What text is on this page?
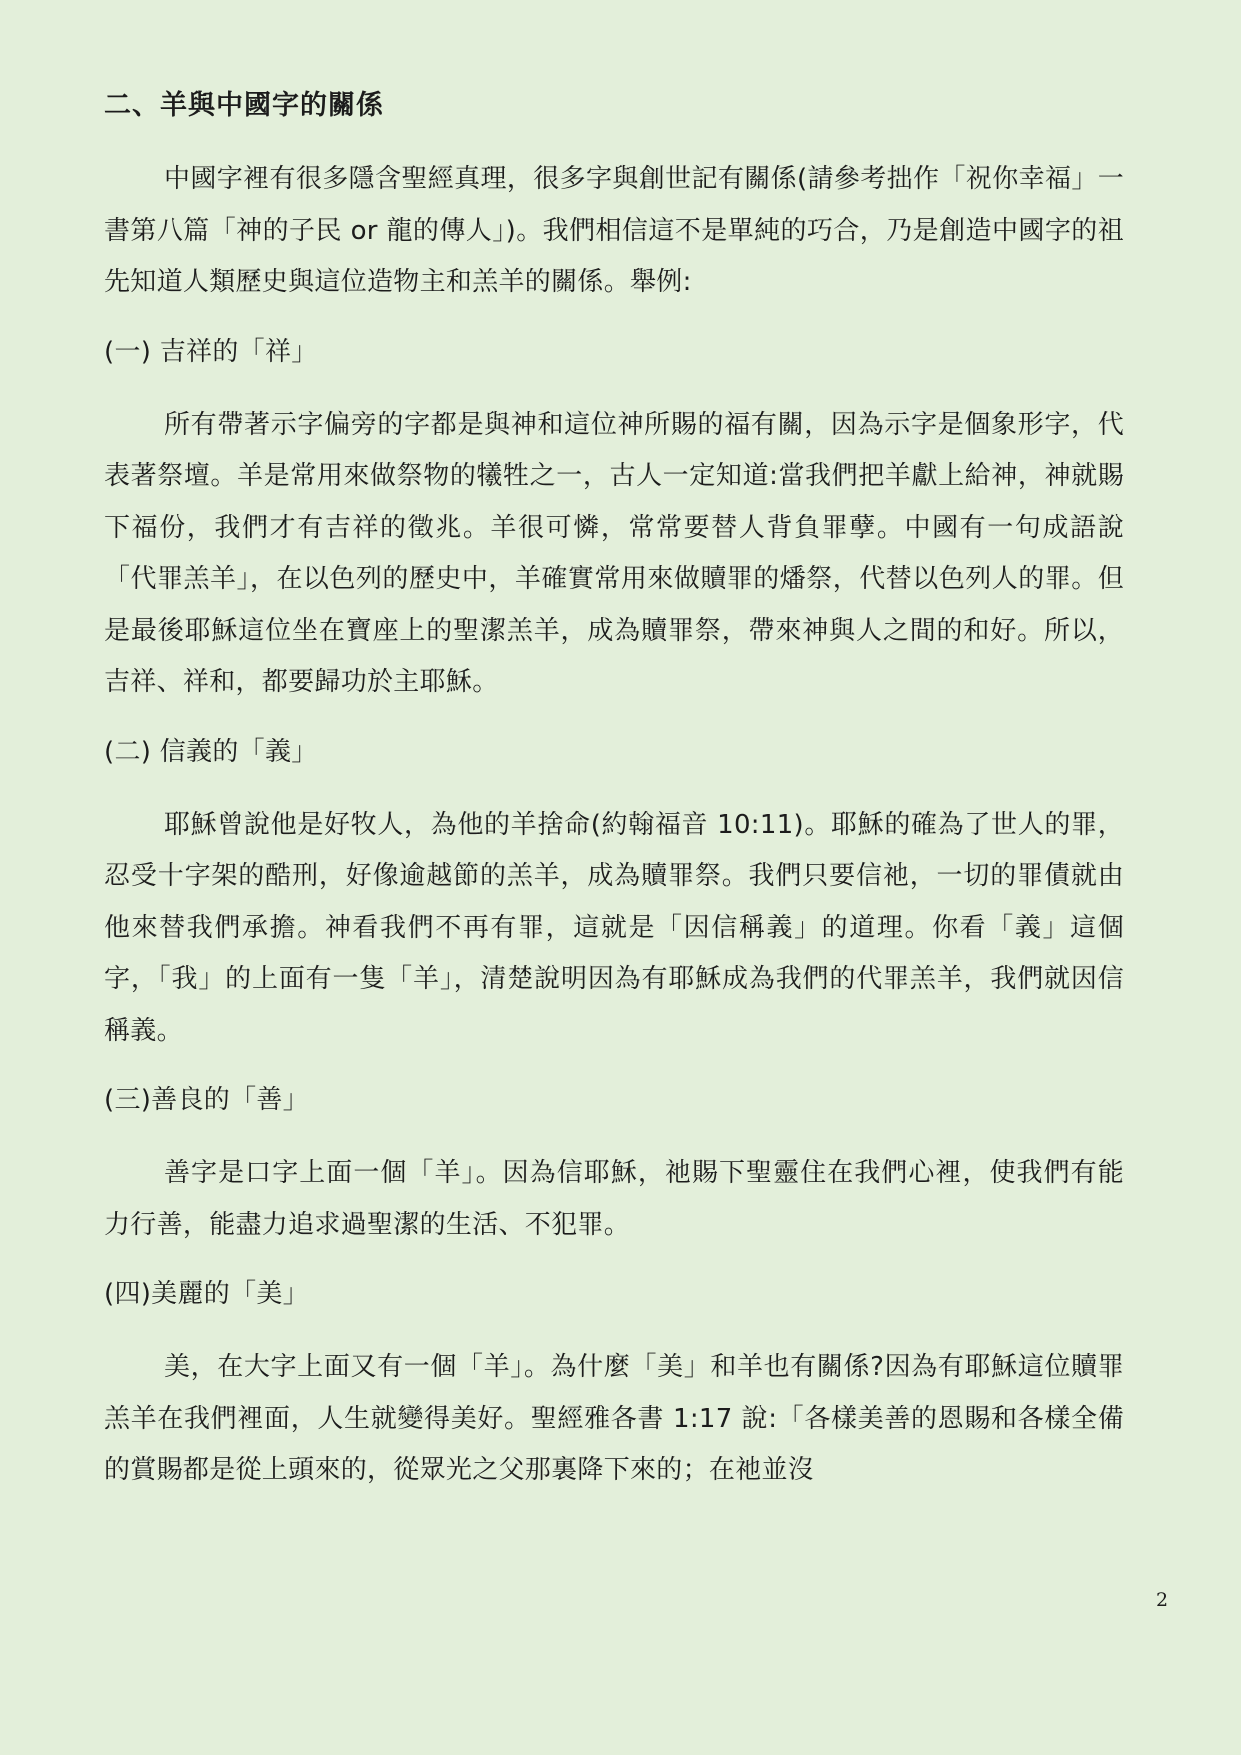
二、羊與中國字的關係
中國字裡有很多隱含聖經真理，很多字與創世記有關係(請參考拙作「祝你幸福」一書第八篇「神的子民 or 龍的傳人」)。我們相信這不是單純的巧合，乃是創造中國字的祖先知道人類歷史與這位造物主和羔羊的關係。舉例:
(一) 吉祥的「祥」
所有帶著示字偏旁的字都是與神和這位神所賜的福有關，因為示字是個象形字，代表著祭壇。羊是常用來做祭物的犧牲之一，古人一定知道:當我們把羊獻上給神，神就賜下福份，我們才有吉祥的徵兆。羊很可憐，常常要替人背負罪孽。中國有一句成語說「代罪羔羊」，在以色列的歷史中，羊確實常用來做贖罪的燔祭，代替以色列人的罪。但是最後耶穌這位坐在寶座上的聖潔羔羊，成為贖罪祭，帶來神與人之間的和好。所以，吉祥、祥和，都要歸功於主耶穌。
(二) 信義的「義」
耶穌曾說他是好牧人，為他的羊捨命(約翰福音 10:11)。耶穌的確為了世人的罪，忍受十字架的酷刑，好像逾越節的羔羊，成為贖罪祭。我們只要信祂，一切的罪債就由他來替我們承擔。神看我們不再有罪，這就是「因信稱義」的道理。你看「義」這個字，「我」的上面有一隻「羊」，清楚說明因為有耶穌成為我們的代罪羔羊，我們就因信稱義。
(三)善良的「善」
善字是口字上面一個「羊」。因為信耶穌，祂賜下聖靈住在我們心裡，使我們有能力行善，能盡力追求過聖潔的生活、不犯罪。
(四)美麗的「美」
美，在大字上面又有一個「羊」。為什麼「美」和羊也有關係?因為有耶穌這位贖罪羔羊在我們裡面，人生就變得美好。聖經雅各書 1:17 說:「各樣美善的恩賜和各樣全備的賞賜都是從上頭來的，從眾光之父那裏降下來的；在祂並沒
2
